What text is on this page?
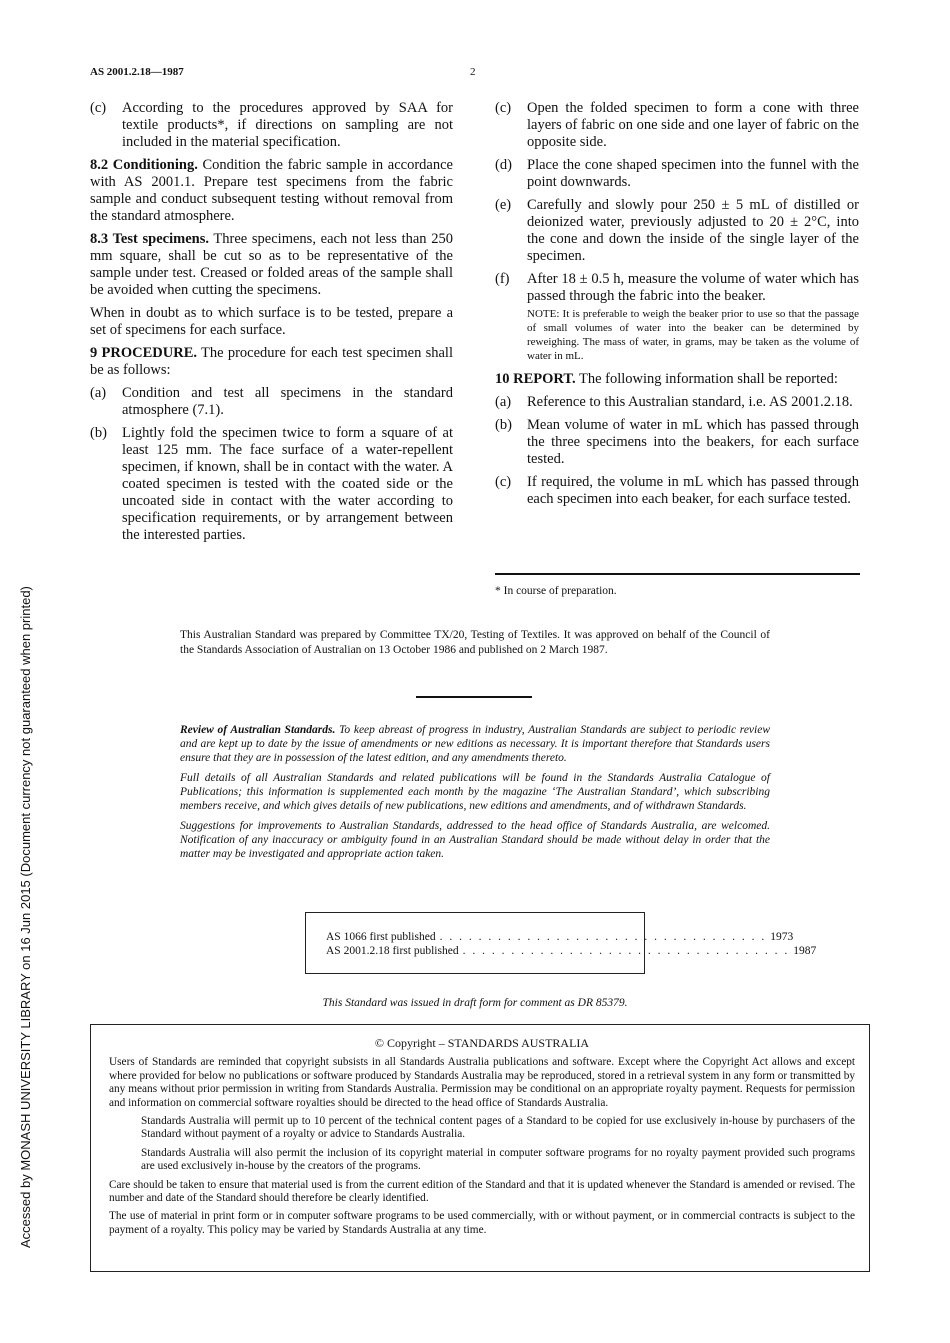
AS 2001.2.18—1987	2
(c)	According to the procedures approved by SAA for textile products*, if directions on sampling are not included in the material specification.

8.2 Conditioning. Condition the fabric sample in accordance with AS 2001.1. Prepare test specimens from the fabric sample and conduct subsequent testing without removal from the standard atmosphere.

8.3 Test specimens. Three specimens, each not less than 250 mm square, shall be cut so as to be representative of the sample under test. Creased or folded areas of the sample shall be avoided when cutting the specimens.

When in doubt as to which surface is to be tested, prepare a set of specimens for each surface.

9 PROCEDURE. The procedure for each test specimen shall be as follows:

(a)	Condition and test all specimens in the standard atmosphere (7.1).
(b)	Lightly fold the specimen twice to form a square of at least 125 mm. The face surface of a water-repellent specimen, if known, shall be in contact with the water. A coated specimen is tested with the coated side or the uncoated side in contact with the water according to specification requirements, or by arrangement between the interested parties.
(c)	Open the folded specimen to form a cone with three layers of fabric on one side and one layer of fabric on the opposite side.
(d)	Place the cone shaped specimen into the funnel with the point downwards.
(e)	Carefully and slowly pour 250 ± 5 mL of distilled or deionized water, previously adjusted to 20 ± 2°C, into the cone and down the inside of the single layer of the specimen.
(f)	After 18 ± 0.5 h, measure the volume of water which has passed through the fabric into the beaker.
NOTE: It is preferable to weigh the beaker prior to use so that the passage of small volumes of water into the beaker can be determined by reweighing. The mass of water, in grams, may be taken as the volume of water in mL.

10 REPORT. The following information shall be reported:

(a)	Reference to this Australian standard, i.e. AS 2001.2.18.
(b)	Mean volume of water in mL which has passed through the three specimens into the beakers, for each surface tested.
(c)	If required, the volume in mL which has passed through each specimen into each beaker, for each surface tested.
* In course of preparation.
This Australian Standard was prepared by Committee TX/20, Testing of Textiles. It was approved on behalf of the Council of the Standards Association of Australian on 13 October 1986 and published on 2 March 1987.

Review of Australian Standards. To keep abreast of progress in industry, Australian Standards are subject to periodic review and are kept up to date by the issue of amendments or new editions as necessary. It is important therefore that Standards users ensure that they are in possession of the latest edition, and any amendments thereto.

Full details of all Australian Standards and related publications will be found in the Standards Australia Catalogue of Publications; this information is supplemented each month by the magazine ‘The Australian Standard’, which subscribing members receive, and which gives details of new publications, new editions and amendments, and of withdrawn Standards.

Suggestions for improvements to Australian Standards, addressed to the head office of Standards Australia, are welcomed. Notification of any inaccuracy or ambiguity found in an Australian Standard should be made without delay in order that the matter may be investigated and appropriate action taken.

AS 1066 first published . . . . . . . . . . . . . . . . . . . . . . . . . . . . . . . . . . 1973
AS 2001.2.18 first published . . . . . . . . . . . . . . . . . . . . . . . . . . . . . . . . . . 1987
This Standard was issued in draft form for comment as DR 85379.

© Copyright – STANDARDS AUSTRALIA

Users of Standards are reminded that copyright subsists in all Standards Australia publications and software. Except where the Copyright Act allows and except where provided for below no publications or software produced by Standards Australia may be reproduced, stored in a retrieval system in any form or transmitted by any means without prior permission in writing from Standards Australia. Permission may be conditional on an appropriate royalty payment. Requests for permission and information on commercial software royalties should be directed to the head office of Standards Australia.

Standards Australia will permit up to 10 percent of the technical content pages of a Standard to be copied for use exclusively in-house by purchasers of the Standard without payment of a royalty or advice to Standards Australia.

Standards Australia will also permit the inclusion of its copyright material in computer software programs for no royalty payment provided such programs are used exclusively in-house by the creators of the programs.

Care should be taken to ensure that material used is from the current edition of the Standard and that it is updated whenever the Standard is amended or revised. The number and date of the Standard should therefore be clearly identified.

The use of material in print form or in computer software programs to be used commercially, with or without payment, or in commercial contracts is subject to the payment of a royalty. This policy may be varied by Standards Australia at any time.

Accessed by MONASH UNIVERSITY LIBRARY on 16 Jun 2015 (Document currency not guaranteed when printed)
